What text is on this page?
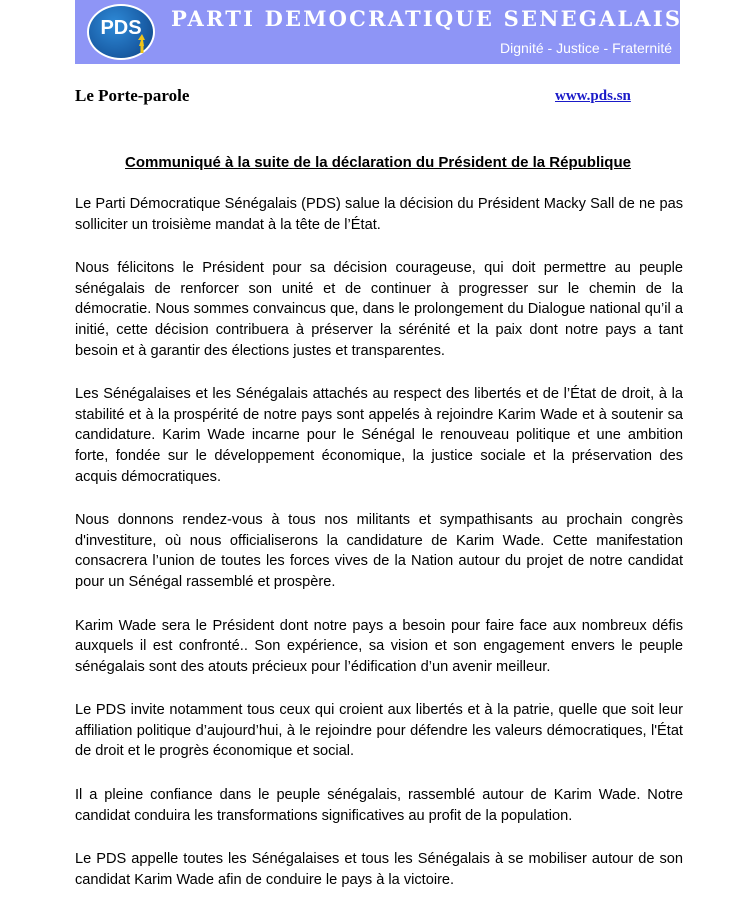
PDS PARTI DEMOCRATIQUE SENEGALAIS
Dignité - Justice - Fraternité
Le Porte-parole	www.pds.sn
Communiqué à la suite de la déclaration du Président de la République

Le Parti Démocratique Sénégalais (PDS) salue la décision du Président Macky Sall de ne pas solliciter un troisième mandat à la tête de l’État.

Nous félicitons le Président pour sa décision courageuse, qui doit permettre au peuple sénégalais de renforcer son unité et de continuer à progresser sur le chemin de la démocratie. Nous sommes convaincus que, dans le prolongement du Dialogue national qu’il a initié, cette décision contribuera à préserver la sérénité et la paix dont notre pays a tant besoin et à garantir des élections justes et transparentes.

Les Sénégalaises et les Sénégalais attachés au respect des libertés et de l’État de droit, à la stabilité et à la prospérité de notre pays sont appelés à rejoindre Karim Wade et à soutenir sa candidature. Karim Wade incarne pour le Sénégal le renouveau politique et une ambition forte, fondée sur le développement économique, la justice sociale et la préservation des acquis démocratiques.

Nous donnons rendez-vous à tous nos militants et sympathisants au prochain congrès d'investiture, où nous officialiserons la candidature de Karim Wade. Cette manifestation consacrera l’union de toutes les forces vives de la Nation autour du projet de notre candidat pour un Sénégal rassemblé et prospère.

Karim Wade sera le Président dont notre pays a besoin pour faire face aux nombreux défis auxquels il est confronté.. Son expérience, sa vision et son engagement envers le peuple sénégalais sont des atouts précieux pour l’édification d’un avenir meilleur.

Le PDS invite notamment tous ceux qui croient aux libertés et à la patrie, quelle que soit leur affiliation politique d’aujourd’hui, à le rejoindre pour défendre les valeurs démocratiques, l'État de droit et le progrès économique et social.

Il a pleine confiance dans le peuple sénégalais, rassemblé autour de Karim Wade. Notre candidat conduira les transformations significatives au profit de la population.

Le PDS appelle toutes les Sénégalaises et tous les Sénégalais à se mobiliser autour de son candidat Karim Wade afin de conduire le pays à la victoire.
